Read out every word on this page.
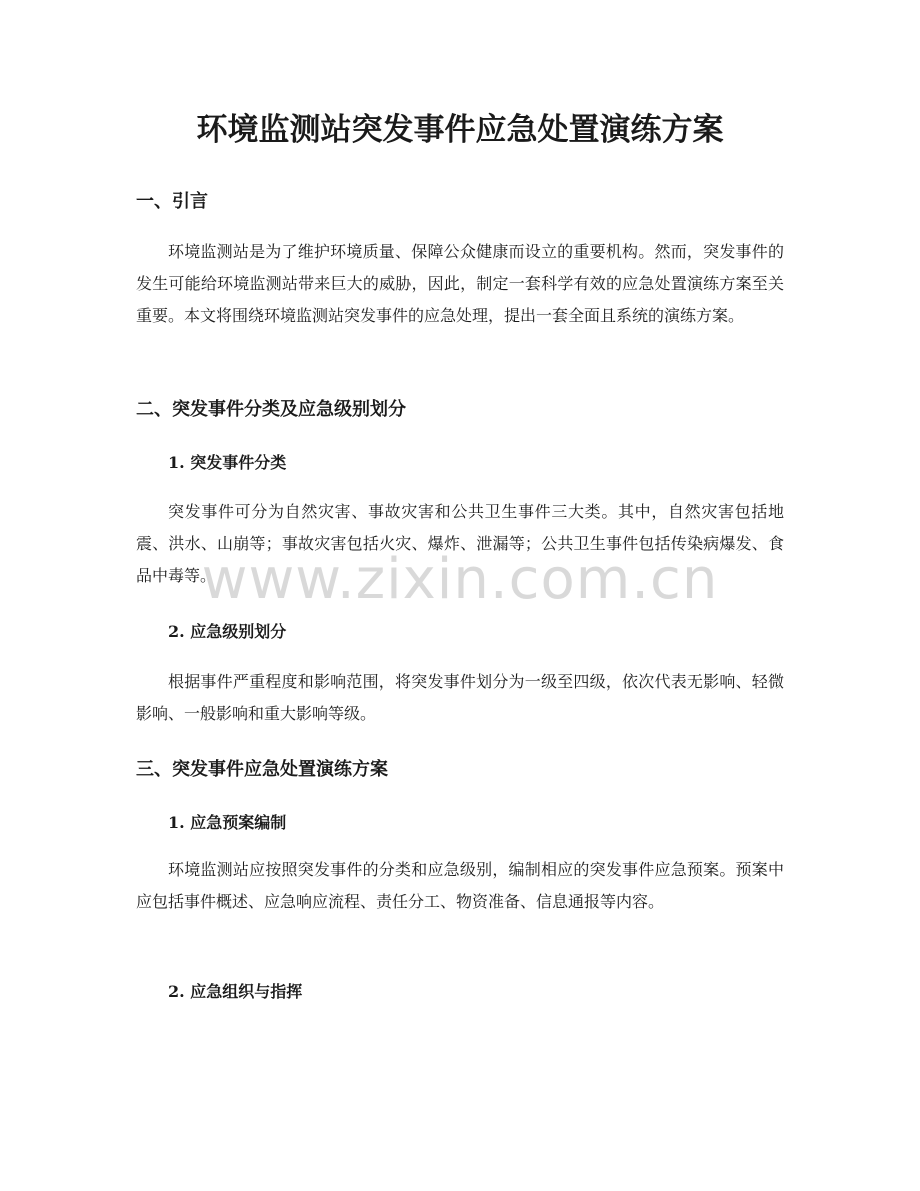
环境监测站突发事件应急处置演练方案
一、引言

环境监测站是为了维护环境质量、保障公众健康而设立的重要机构。然而，突发事件的发生可能给环境监测站带来巨大的威胁，因此，制定一套科学有效的应急处置演练方案至关重要。本文将围绕环境监测站突发事件的应急处理，提出一套全面且系统的演练方案。

二、突发事件分类及应急级别划分
1. 突发事件分类

突发事件可分为自然灾害、事故灾害和公共卫生事件三大类。其中，自然灾害包括地震、洪水、山崩等；事故灾害包括火灾、爆炸、泄漏等；公共卫生事件包括传染病爆发、食品中毒等。

2. 应急级别划分

根据事件严重程度和影响范围，将突发事件划分为一级至四级，依次代表无影响、轻微影响、一般影响和重大影响等级。

三、突发事件应急处置演练方案
1. 应急预案编制

环境监测站应按照突发事件的分类和应急级别，编制相应的突发事件应急预案。预案中应包括事件概述、应急响应流程、责任分工、物资准备、信息通报等内容。

2. 应急组织与指挥
www.zixin.com.cn
